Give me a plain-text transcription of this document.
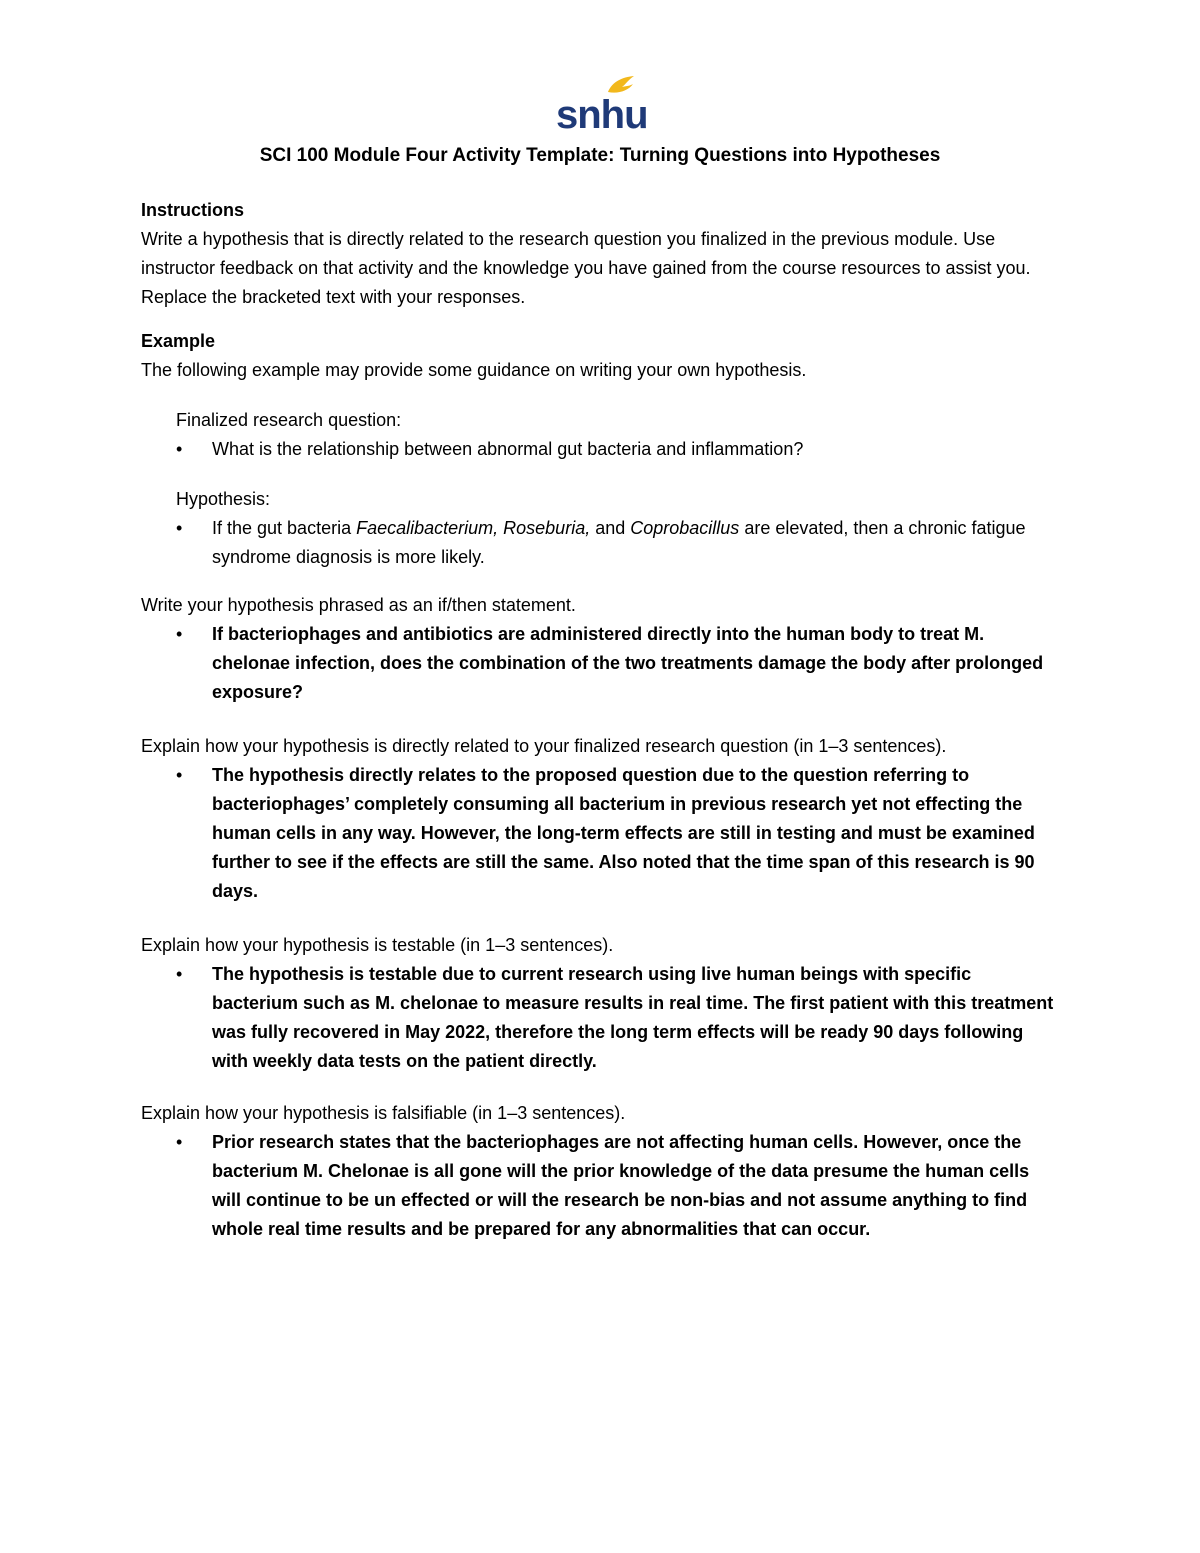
snhu
SCI 100 Module Four Activity Template: Turning Questions into Hypotheses
Instructions
Write a hypothesis that is directly related to the research question you finalized in the previous module. Use instructor feedback on that activity and the knowledge you have gained from the course resources to assist you. Replace the bracketed text with your responses.
Example
The following example may provide some guidance on writing your own hypothesis.
Finalized research question:
• What is the relationship between abnormal gut bacteria and inflammation?
Hypothesis:
• If the gut bacteria Faecalibacterium, Roseburia, and Coprobacillus are elevated, then a chronic fatigue syndrome diagnosis is more likely.
Write your hypothesis phrased as an if/then statement.
• If bacteriophages and antibiotics are administered directly into the human body to treat M. chelonae infection, does the combination of the two treatments damage the body after prolonged exposure?
Explain how your hypothesis is directly related to your finalized research question (in 1–3 sentences).
• The hypothesis directly relates to the proposed question due to the question referring to bacteriophages’ completely consuming all bacterium in previous research yet not effecting the human cells in any way. However, the long-term effects are still in testing and must be examined further to see if the effects are still the same. Also noted that the time span of this research is 90 days.
Explain how your hypothesis is testable (in 1–3 sentences).
• The hypothesis is testable due to current research using live human beings with specific bacterium such as M. chelonae to measure results in real time. The first patient with this treatment was fully recovered in May 2022, therefore the long term effects will be ready 90 days following with weekly data tests on the patient directly.
Explain how your hypothesis is falsifiable (in 1–3 sentences).
• Prior research states that the bacteriophages are not affecting human cells. However, once the bacterium M. Chelonae is all gone will the prior knowledge of the data presume the human cells will continue to be un effected or will the research be non-bias and not assume anything to find whole real time results and be prepared for any abnormalities that can occur.
